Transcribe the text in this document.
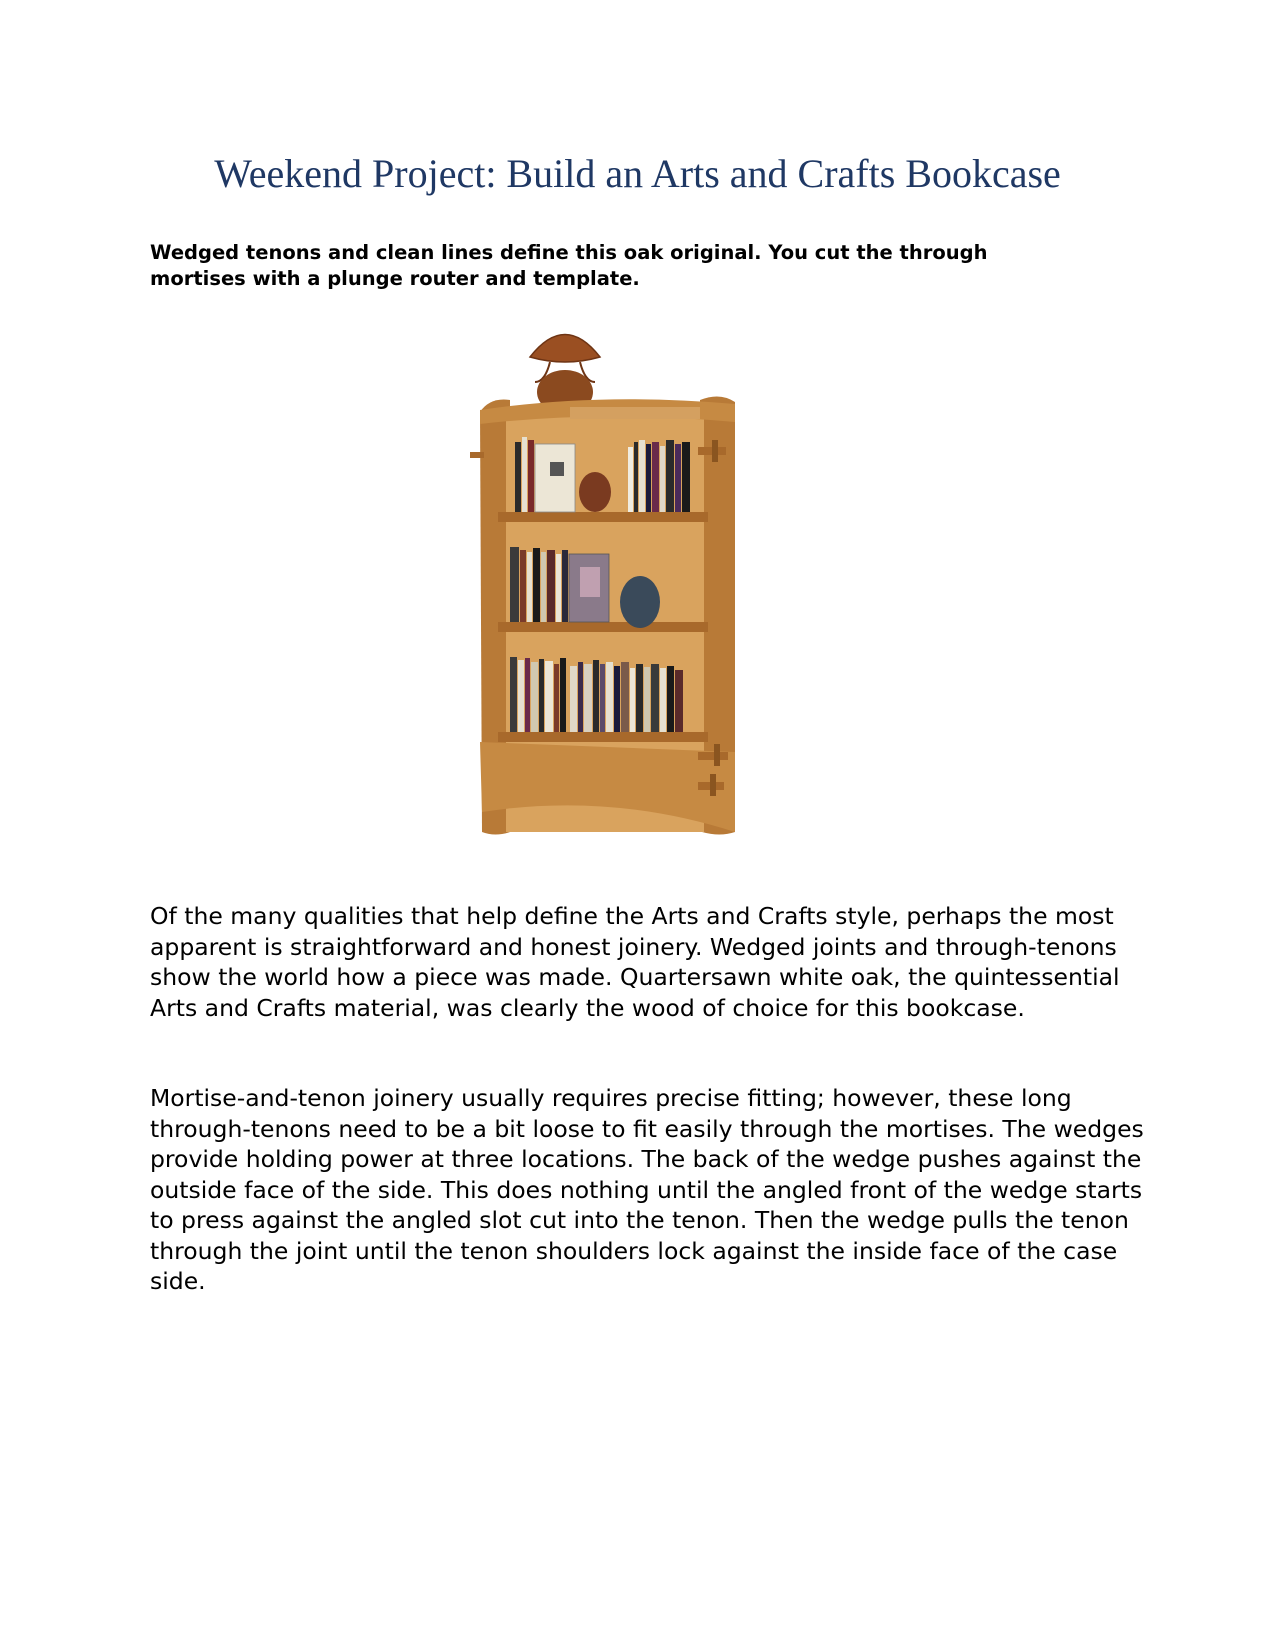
Weekend Project: Build an Arts and Crafts Bookcase

Wedged tenons and clean lines define this oak original. You cut the through mortises with a plunge router and template.

Of the many qualities that help define the Arts and Crafts style, perhaps the most apparent is straightforward and honest joinery. Wedged joints and through-tenons show the world how a piece was made. Quartersawn white oak, the quintessential Arts and Crafts material, was clearly the wood of choice for this bookcase.

Mortise-and-tenon joinery usually requires precise fitting; however, these long through-tenons need to be a bit loose to fit easily through the mortises. The wedges provide holding power at three locations. The back of the wedge pushes against the outside face of the side. This does nothing until the angled front of the wedge starts to press against the angled slot cut into the tenon. Then the wedge pulls the tenon through the joint until the tenon shoulders lock against the inside face of the case side.
